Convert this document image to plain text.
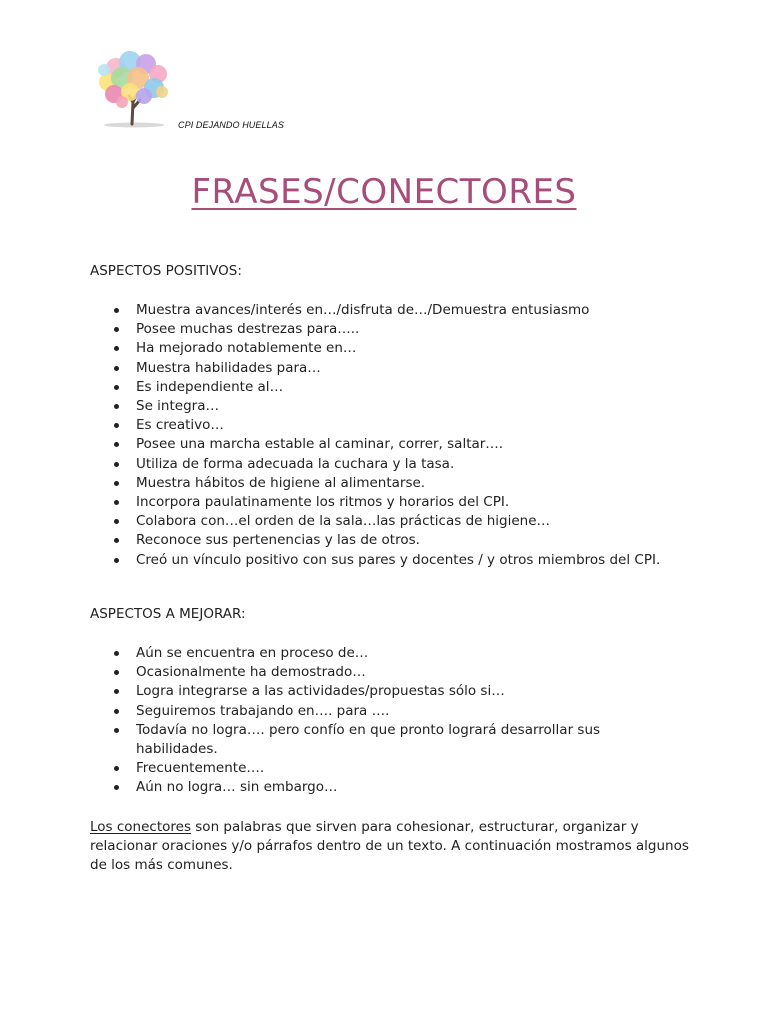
CPI DEJANDO HUELLAS
FRASES/CONECTORES

ASPECTOS POSITIVOS:

Muestra avances/interés en…/disfruta de…/Demuestra entusiasmo
Posee muchas destrezas para…..
Ha mejorado notablemente en…
Muestra habilidades para…
Es independiente al…
Se integra…
Es creativo…
Posee una marcha estable al caminar, correr, saltar….
Utiliza de forma adecuada la cuchara y la tasa.
Muestra hábitos de higiene al alimentarse.
Incorpora paulatinamente los ritmos y horarios del CPI.
Colabora con…el orden de la sala…las prácticas de higiene…
Reconoce sus pertenencias y las de otros.
Creó un vínculo positivo con sus pares y docentes / y otros miembros del CPI.

ASPECTOS A MEJORAR:

Aún se encuentra en proceso de…
Ocasionalmente ha demostrado…
Logra integrarse a las actividades/propuestas sólo si…
Seguiremos trabajando en…. para ….
Todavía no logra…. pero confío en que pronto logrará desarrollar sus habilidades.
Frecuentemente….
Aún no logra… sin embargo…

Los conectores son palabras que sirven para cohesionar, estructurar, organizar y relacionar oraciones y/o párrafos dentro de un texto. A continuación mostramos algunos de los más comunes.
